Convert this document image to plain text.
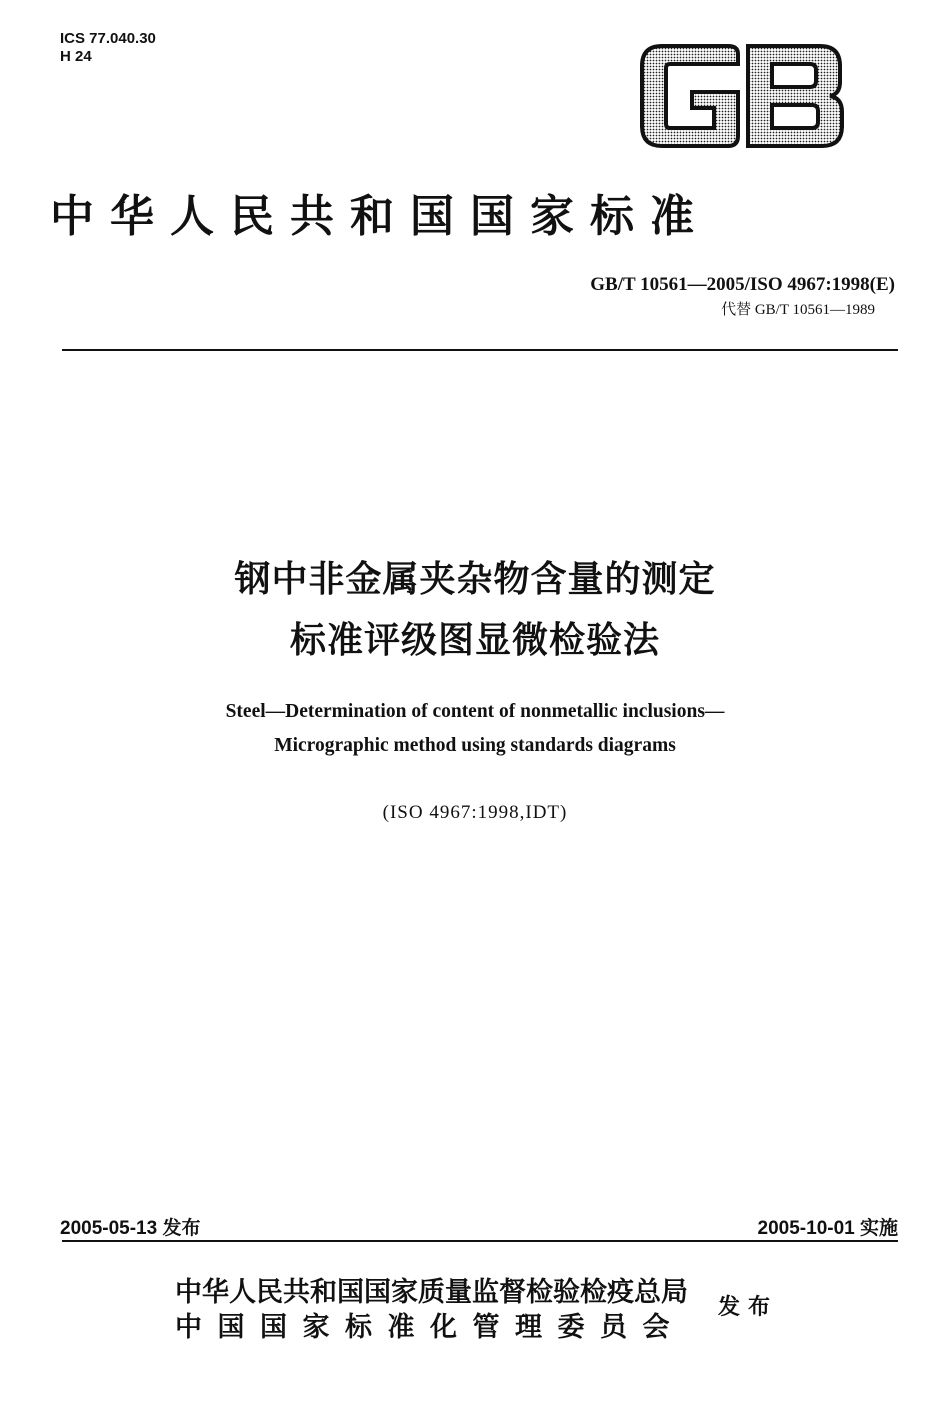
ICS 77.040.30
H 24
中华人民共和国国家标准
GB/T 10561—2005/ISO 4967:1998(E)
代替 GB/T 10561—1989
钢中非金属夹杂物含量的测定
标准评级图显微检验法
Steel—Determination of content of nonmetallic inclusions—
Micrographic method using standards diagrams
(ISO 4967:1998,IDT)
2005-05-13 发布	2005-10-01 实施
中华人民共和国国家质量监督检验检疫总局
中国国家标准化管理委员会
发布
